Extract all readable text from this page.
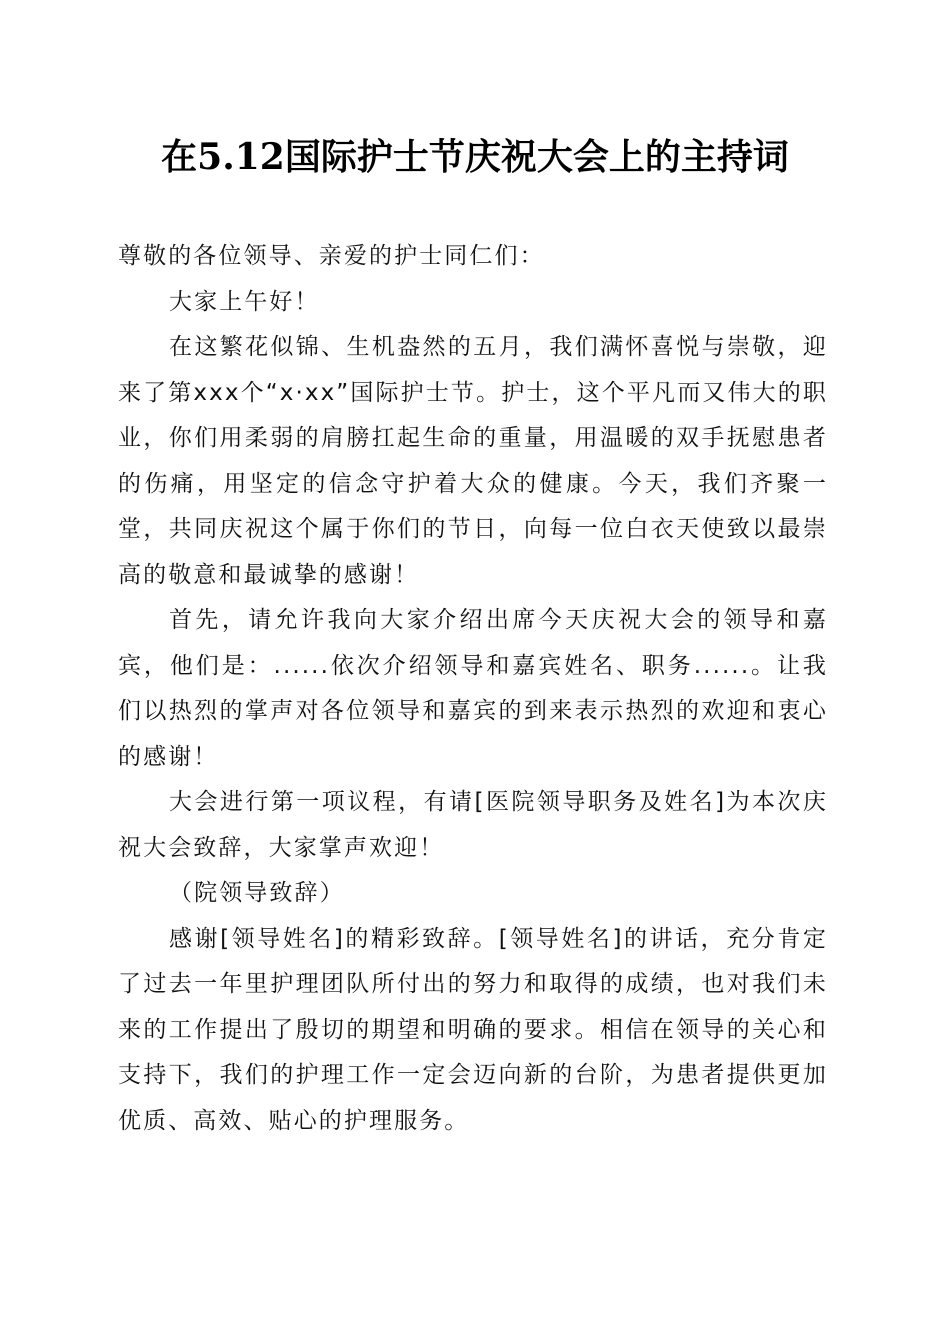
在5.12国际护士节庆祝大会上的主持词

尊敬的各位领导、亲爱的护士同仁们：

大家上午好！

在这繁花似锦、生机盎然的五月，我们满怀喜悦与崇敬，迎来了第xxx个“x·xx”国际护士节。护士，这个平凡而又伟大的职业，你们用柔弱的肩膀扛起生命的重量，用温暖的双手抚慰患者的伤痛，用坚定的信念守护着大众的健康。今天，我们齐聚一堂，共同庆祝这个属于你们的节日，向每一位白衣天使致以最崇高的敬意和最诚挚的感谢！

首先，请允许我向大家介绍出席今天庆祝大会的领导和嘉宾，他们是：......依次介绍领导和嘉宾姓名、职务......。让我们以热烈的掌声对各位领导和嘉宾的到来表示热烈的欢迎和衷心的感谢！

大会进行第一项议程，有请[医院领导职务及姓名]为本次庆祝大会致辞，大家掌声欢迎！

（院领导致辞）

感谢[领导姓名]的精彩致辞。[领导姓名]的讲话，充分肯定了过去一年里护理团队所付出的努力和取得的成绩，也对我们未来的工作提出了殷切的期望和明确的要求。相信在领导的关心和支持下，我们的护理工作一定会迈向新的台阶，为患者提供更加优质、高效、贴心的护理服务。
